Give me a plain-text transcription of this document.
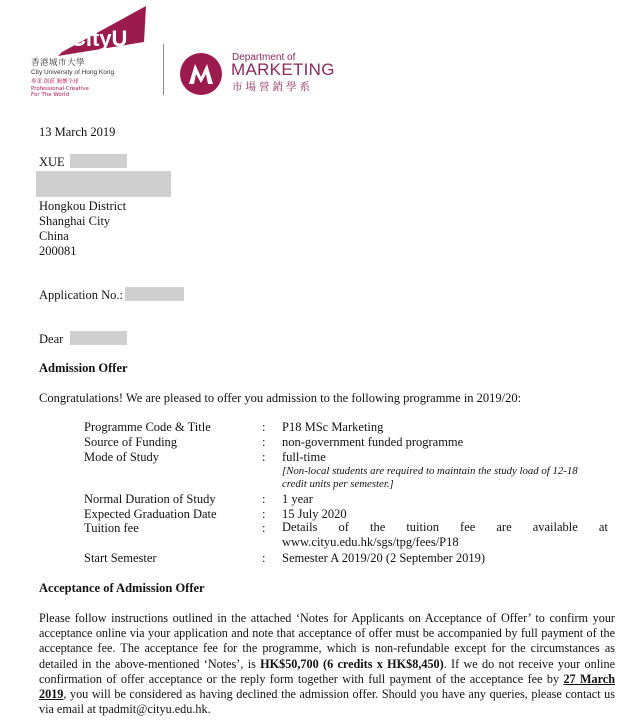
CityU
香港城市大學
City University of Hong Kong
專業 創新 胸懷全球
Professional·Creative
For The World
Department of
MARKETING
市場營銷學系
13 March 2019
XUE
Hongkou District
Shanghai City
China
200081
Application No.:
Dear
Admission Offer
Congratulations! We are pleased to offer you admission to the following programme in 2019/20:
Programme Code & Title	: P18 MSc Marketing
Source of Funding	: non-government funded programme
Mode of Study	: full-time
[Non-local students are required to maintain the study load of 12-18
credit units per semester.]
Normal Duration of Study	: 1 year
Expected Graduation Date	: 15 July 2020
Tuition fee	: Details of the tuition fee are available at
www.cityu.edu.hk/sgs/tpg/fees/P18
Start Semester	: Semester A 2019/20 (2 September 2019)
Acceptance of Admission Offer
Please follow instructions outlined in the attached ‘Notes for Applicants on Acceptance of Offer’ to confirm your acceptance online via your application and note that acceptance of offer must be accompanied by full payment of the acceptance fee. The acceptance fee for the programme, which is non-refundable except for the circumstances as detailed in the above-mentioned ‘Notes’, is HK$50,700 (6 credits x HK$8,450). If we do not receive your online confirmation of offer acceptance or the reply form together with full payment of the acceptance fee by 27 March 2019, you will be considered as having declined the admission offer. Should you have any queries, please contact us via email at tpadmit@cityu.edu.hk.
